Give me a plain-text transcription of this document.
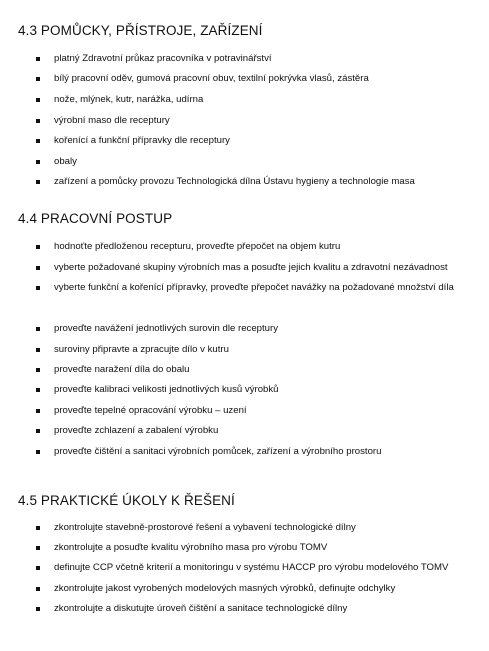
4.3 POMŮCKY, PŘÍSTROJE, ZAŘÍZENÍ
platný Zdravotní průkaz pracovníka v potravinářství
bílý pracovní oděv, gumová pracovní obuv, textilní pokrývka vlasů, zástěra
nože, mlýnek, kutr, narážka, udírna
výrobní maso dle receptury
kořenící a funkční přípravky dle receptury
obaly
zařízení a pomůcky provozu Technologická dílna Ústavu hygieny a technologie masa
4.4 PRACOVNÍ POSTUP
hodnoťte předloženou recepturu, proveďte přepočet na objem kutru
vyberte požadované skupiny výrobních mas a posuďte jejich kvalitu a zdravotní nezávadnost
vyberte funkční a kořenící přípravky, proveďte přepočet navážky na požadované množství díla
proveďte navážení jednotlivých surovin dle receptury
suroviny připravte a zpracujte dílo v kutru
proveďte naražení díla do obalu
proveďte kalibraci velikosti jednotlivých kusů výrobků
proveďte tepelné opracování výrobku – uzení
proveďte zchlazení a zabalení výrobku
proveďte čištění a sanitaci výrobních pomůcek, zařízení a výrobního prostoru
4.5 PRAKTICKÉ ÚKOLY K ŘEŠENÍ
zkontrolujte stavebně-prostorové řešení a vybavení technologické dílny
zkontrolujte a posuďte kvalitu výrobního masa pro výrobu TOMV
definujte CCP včetně kriterií a monitoringu v systému HACCP pro výrobu modelového TOMV
zkontrolujte jakost vyrobených modelových masných výrobků, definujte odchylky
zkontrolujte a diskutujte úroveň čištění a sanitace technologické dílny
